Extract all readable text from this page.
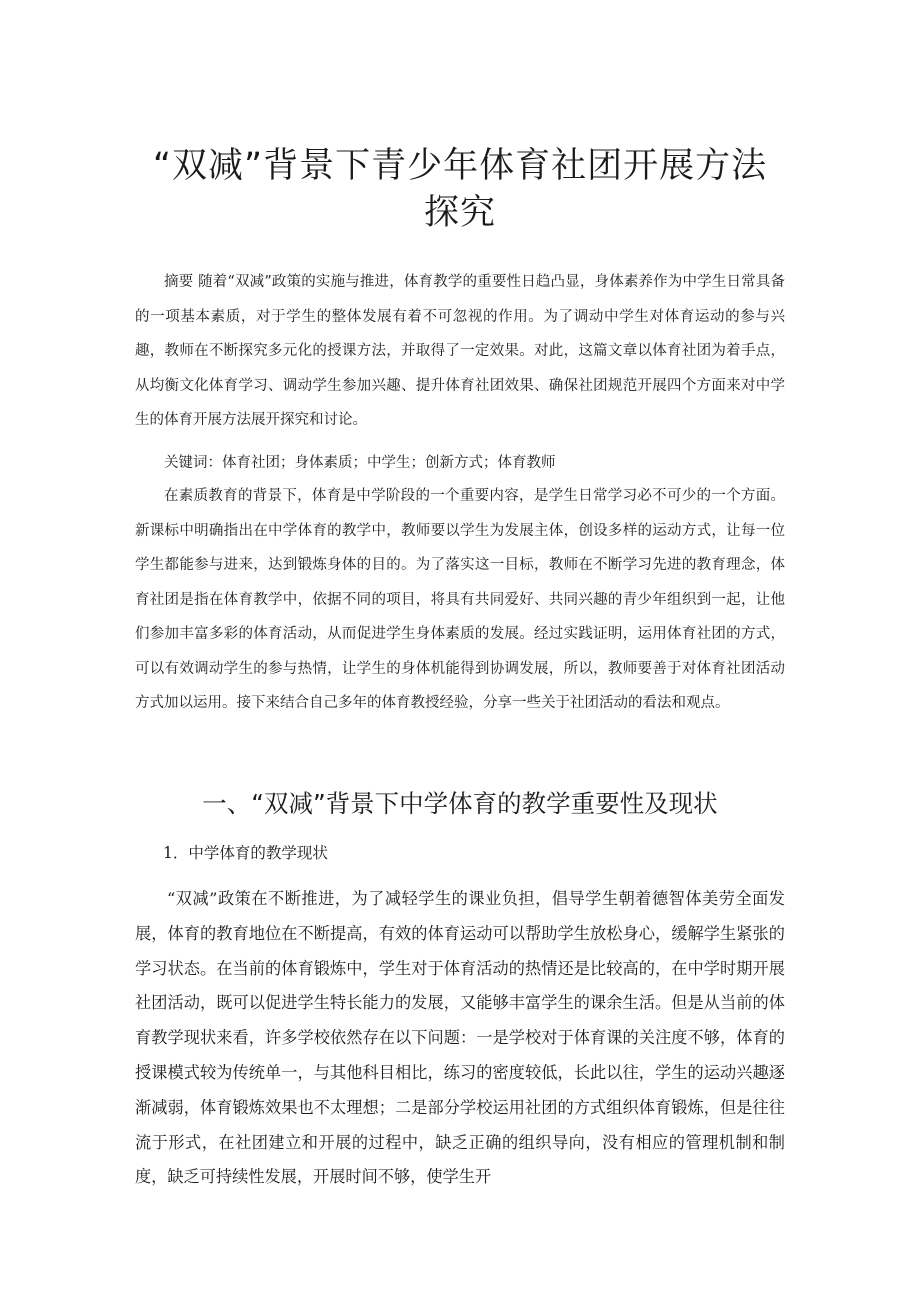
“双减”背景下青少年体育社团开展方法
探究

摘要 随着“双减”政策的实施与推进，体育教学的重要性日趋凸显，身体素养作为中学生日常具备的一项基本素质，对于学生的整体发展有着不可忽视的作用。为了调动中学生对体育运动的参与兴趣，教师在不断探究多元化的授课方法，并取得了一定效果。对此，这篇文章以体育社团为着手点，从均衡文化体育学习、调动学生参加兴趣、提升体育社团效果、确保社团规范开展四个方面来对中学生的体育开展方法展开探究和讨论。

关键词：体育社团；身体素质；中学生；创新方式；体育教师

在素质教育的背景下，体育是中学阶段的一个重要内容，是学生日常学习必不可少的一个方面。新课标中明确指出在中学体育的教学中，教师要以学生为发展主体，创设多样的运动方式，让每一位学生都能参与进来，达到锻炼身体的目的。为了落实这一目标，教师在不断学习先进的教育理念，体育社团是指在体育教学中，依据不同的项目，将具有共同爱好、共同兴趣的青少年组织到一起，让他们参加丰富多彩的体育活动，从而促进学生身体素质的发展。经过实践证明，运用体育社团的方式，可以有效调动学生的参与热情，让学生的身体机能得到协调发展，所以，教师要善于对体育社团活动方式加以运用。接下来结合自己多年的体育教授经验，分享一些关于社团活动的看法和观点。

一、“双减”背景下中学体育的教学重要性及现状

1．中学体育的教学现状

“双减”政策在不断推进，为了减轻学生的课业负担，倡导学生朝着德智体美劳全面发展，体育的教育地位在不断提高，有效的体育运动可以帮助学生放松身心，缓解学生紧张的学习状态。在当前的体育锻炼中，学生对于体育活动的热情还是比较高的，在中学时期开展社团活动，既可以促进学生特长能力的发展，又能够丰富学生的课余生活。但是从当前的体育教学现状来看，许多学校依然存在以下问题：一是学校对于体育课的关注度不够，体育的授课模式较为传统单一，与其他科目相比，练习的密度较低，长此以往，学生的运动兴趣逐渐减弱，体育锻炼效果也不太理想；二是部分学校运用社团的方式组织体育锻炼，但是往往流于形式，在社团建立和开展的过程中，缺乏正确的组织导向，没有相应的管理机制和制度，缺乏可持续性发展，开展时间不够，使学生开
